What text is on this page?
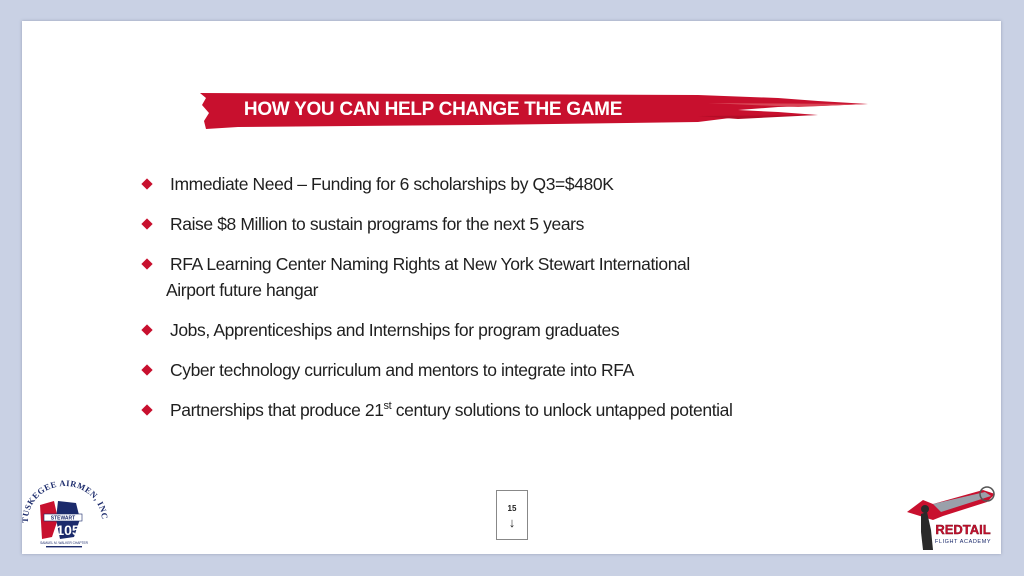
HOW YOU CAN HELP CHANGE THE GAME
Immediate Need – Funding for 6 scholarships by Q3=$480K
Raise $8 Million to sustain programs for the next 5 years
RFA Learning Center Naming Rights at New York Stewart International
Airport future hangar
Jobs, Apprenticeships and Internships for program graduates
Cyber technology curriculum and mentors to integrate into RFA
Partnerships that produce 21st century solutions to unlock untapped potential
15
↓
TUSKEGEE AIRMEN, INC
STEWART
105
SAMUEL M. WALKER CHAPTER
REDTAIL
FLIGHT ACADEMY
